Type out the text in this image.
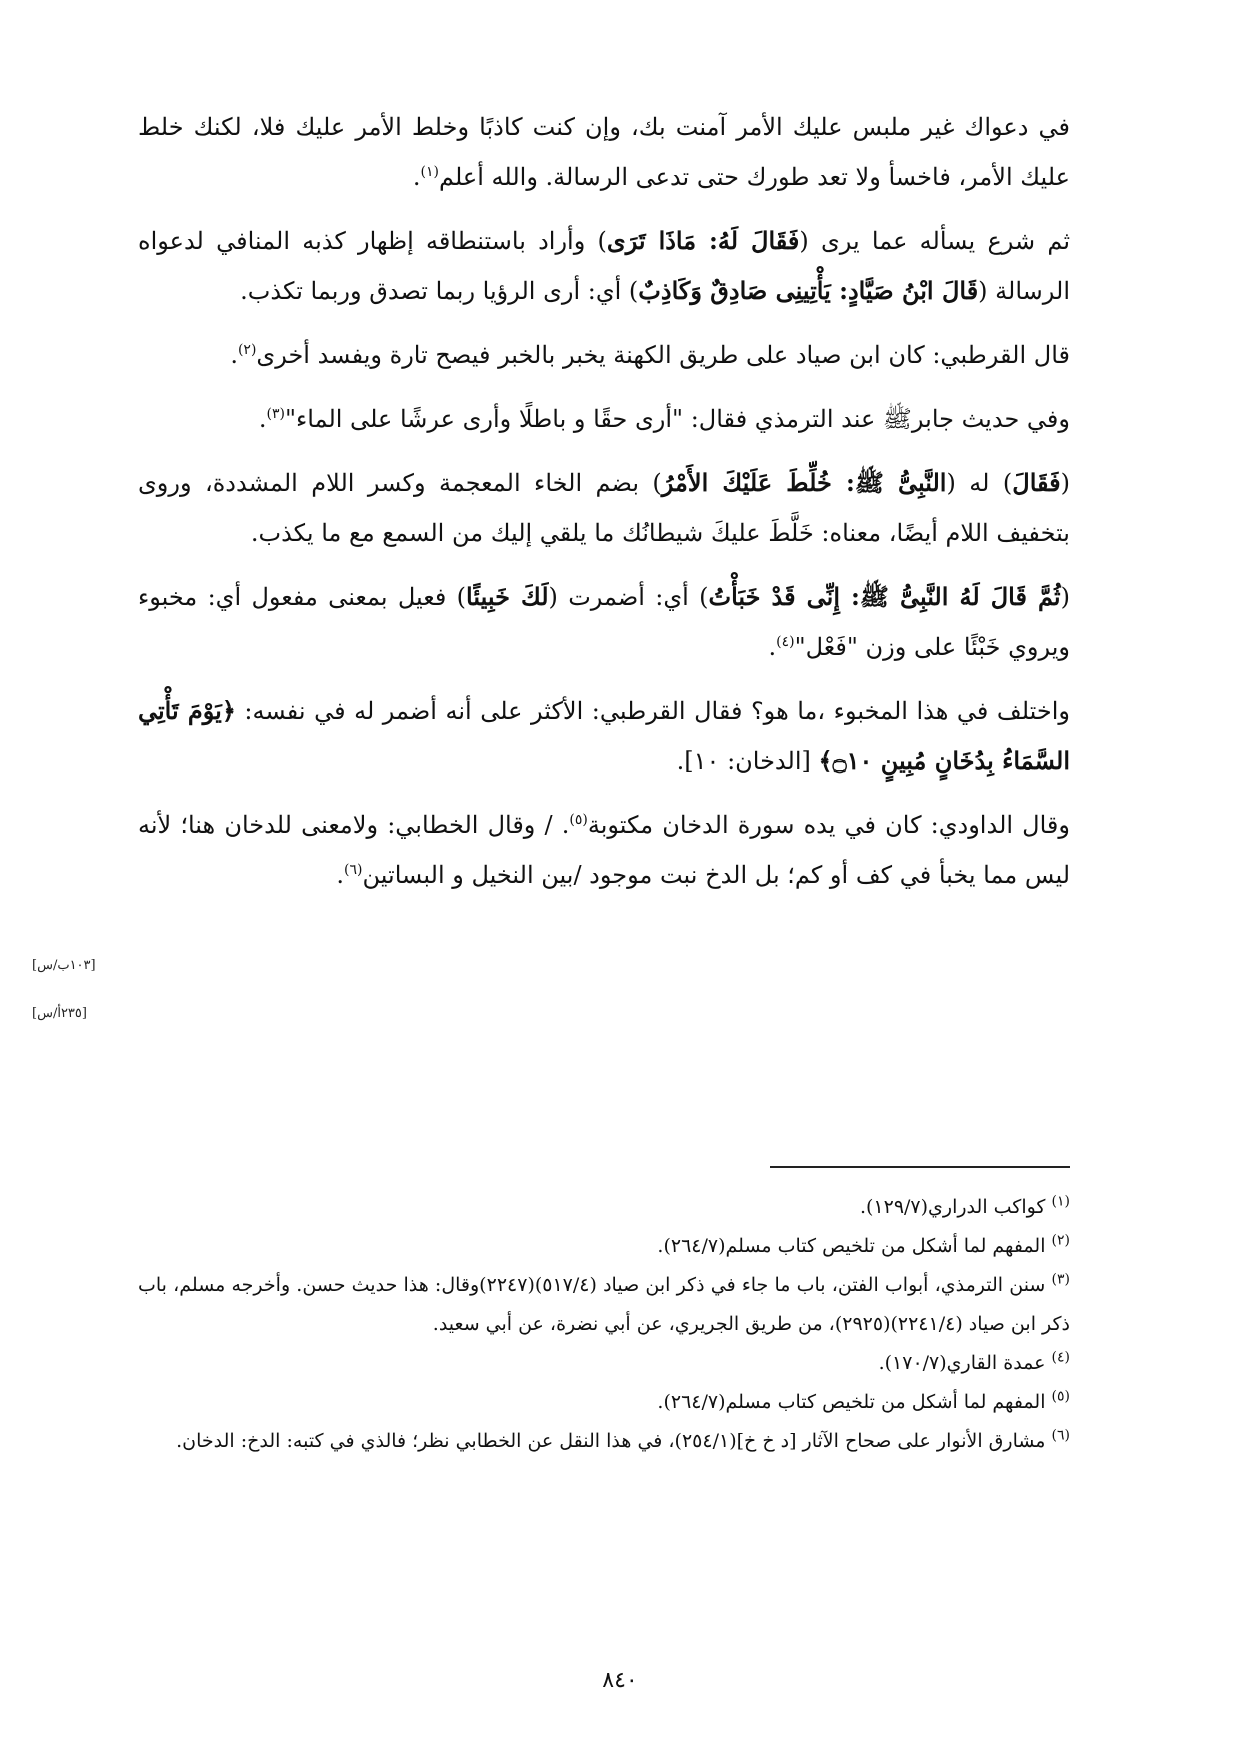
في دعواك غير ملبس عليك الأمر آمنت بك، وإن كنت كاذبًا وخلط الأمر عليك فلا، لكنك خلط عليك الأمر، فاخسأ ولا تعد طورك حتى تدعى الرسالة. والله أعلم$^{(١)}$.

ثم شرع يسأله عما يرى (فَقَالَ لَهُ: مَاذَا تَرَى) وأراد باستنطاقه إظهار كذبه المنافي لدعواه الرسالة (قَالَ ابْنُ صَيَّادٍ: يَأْتِينِى صَادِقٌ وَكَاذِبٌ) أي: أرى الرؤيا ربما تصدق وربما تكذب.

قال القرطبي: كان ابن صياد على طريق الكهنة يخبر بالخبر فيصح تارة ويفسد أخرى$^{(٢)}$.

وفي حديث جابرﷺ عند الترمذي فقال: "أرى حقًا و باطلًا وأرى عرشًا على الماء"$^{(٣)}$.

(فَقَالَ) له (النَّبِىُّ ﷺ: خُلِّطَ عَلَيْكَ الأَمْرُ) بضم الخاء المعجمة وكسر اللام المشددة، وروى بتخفيف اللام أيضًا، معناه: خَلَّطَ عليكَ شيطانُك ما يلقي إليك من السمع مع ما يكذب.

(ثُمَّ قَالَ لَهُ النَّبِىُّ ﷺ: إِنِّى قَدْ خَبَأْتُ) أي: أضمرت (لَكَ خَبِيئًا) فعيل بمعنى مفعول أي: مخبوء ويروي خَبْئًا على وزن "فَعْل"$^{(٤)}$.

واختلف في هذا المخبوء ،ما هو؟ فقال القرطبي: الأكثر على أنه أضمر له في نفسه: ﴿يَوْمَ تَأْتِي السَّمَاءُ بِدُخَانٍ مُبِينٍ ۝١٠﴾ [الدخان: ١٠].

وقال الداودي: كان في يده سورة الدخان مكتوبة$^{(٥)}$. / وقال الخطابي: ولامعنى للدخان هنا؛ لأنه ليس مما يخبأ في كف أو كم؛ بل الدخ نبت موجود /بين النخيل و البساتين$^{(٦)}$.

[١٠٣ب/س]
[٢٣٥أ/س]

$^{(١)}$ كواكب الدراري(١٢٩/٧).

$^{(٢)}$ المفهم لما أشكل من تلخيص كتاب مسلم(٢٦٤/٧).

$^{(٣)}$ سنن الترمذي، أبواب الفتن، باب ما جاء في ذكر ابن صياد (٥١٧/٤)(٢٢٤٧)وقال: هذا حديث حسن. وأخرجه مسلم، باب ذكر ابن صياد (٢٢٤١/٤)(٢٩٢٥)، من طريق الجريري، عن أبي نضرة، عن أبي سعيد.

$^{(٤)}$ عمدة القاري(١٧٠/٧).

$^{(٥)}$ المفهم لما أشكل من تلخيص كتاب مسلم(٢٦٤/٧).

$^{(٦)}$ مشارق الأنوار على صحاح الآثار [د خ خ](٢٥٤/١)، في هذا النقل عن الخطابي نظر؛ فالذي في كتبه: الدخ: الدخان.

٨٤٠
